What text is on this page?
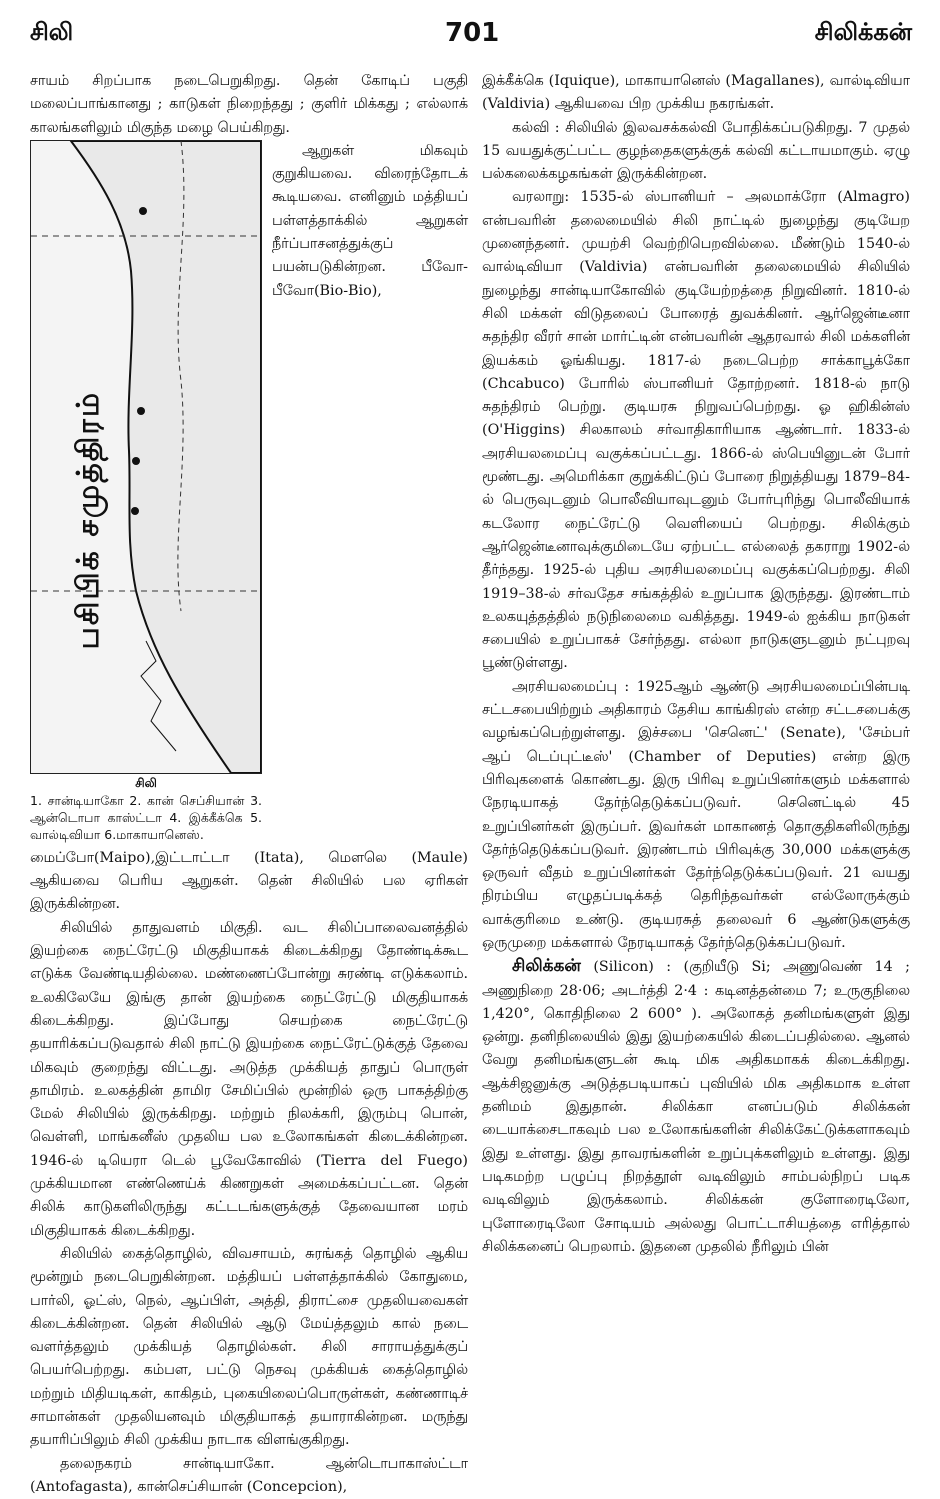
சிலி	701	சிலிக்கன்

சாயம் சிறப்பாக நடைபெறுகிறது. தென் கோடிப் பகுதி மலைப்பாங்கானது ; காடுகள் நிறைந்தது ; குளிர் மிக்கது ; எல்லாக் காலங்களிலும் மிகுந்த மழை பெய்கிறது.

பசிபிக் சமுத்திரம்
சிலி
1. சான்டியாகோ 2. கான் செப்சியான் 3. ஆன்டொபா காஸ்ட்டா 4. இக்கீக்கெ 5. வால்டிவியா 6.மாகாயானெஸ்.

ஆறுகள் மிகவும் குறுகியவை. விரைந்தோடக் கூடியவை. எனினும் மத்தியப் பள்ளத்தாக்கில் ஆறுகள் நீர்ப்பாசனத்துக்குப் பயன்படுகின்றன. பீவோ-பீவோ(Bio-Bio), மைப்போ(Maipo),இட்டாட்டா (Itata), மௌலெ (Maule) ஆகியவை பெரிய ஆறுகள். தென் சிலியில் பல ஏரிகள் இருக்கின்றன.

சிலியில் தாதுவளம் மிகுதி. வட சிலிப்பாலைவனத்தில் இயற்கை நைட்ரேட்டு மிகுதியாகக் கிடைக்கிறது தோண்டிக்கூட எடுக்க வேண்டியதில்லை. மண்ணைப்போன்று சுரண்டி எடுக்கலாம். உலகிலேயே இங்கு தான் இயற்கை நைட்ரேட்டு மிகுதியாகக் கிடைக்கிறது. இப்போது செயற்கை நைட்ரேட்டு தயாரிக்கப்படுவதால் சிலி நாட்டு இயற்கை நைட்ரேட்டுக்குத் தேவை மிகவும் குறைந்து விட்டது. அடுத்த முக்கியத் தாதுப் பொருள் தாமிரம். உலகத்தின் தாமிர சேமிப்பில் மூன்றில் ஒரு பாகத்திற்கு மேல் சிலியில் இருக்கிறது. மற்றும் நிலக்கரி, இரும்பு பொன், வெள்ளி, மாங்கனீஸ் முதலிய பல உலோகங்கள் கிடைக்கின்றன. 1946-ல் டியெரா டெல் பூவேகோவில் (Tierra del Fuego) முக்கியமான எண்ணெய்க் கிணறுகள் அமைக்கப்பட்டன. தென் சிலிக் காடுகளிலிருந்து கட்டடங்களுக்குத் தேவையான மரம் மிகுதியாகக் கிடைக்கிறது.

சிலியில் கைத்தொழில், விவசாயம், சுரங்கத் தொழில் ஆகிய மூன்றும் நடைபெறுகின்றன. மத்தியப் பள்ளத்தாக்கில் கோதுமை, பார்லி, ஓட்ஸ், நெல், ஆப்பிள், அத்தி, திராட்சை முதலியவைகள் கிடைக்கின்றன. தென் சிலியில் ஆடு மேய்த்தலும் கால் நடை வளர்த்தலும் முக்கியத் தொழில்கள். சிலி சாராயத்துக்குப் பெயர்பெற்றது. கம்பள, பட்டு நெசவு முக்கியக் கைத்தொழில் மற்றும் மிதியடிகள், காகிதம், புகையிலைப்பொருள்கள், கண்ணாடிச் சாமான்கள் முதலியனவும் மிகுதியாகத் தயாராகின்றன. மருந்து தயாரிப்பிலும் சிலி முக்கிய நாடாக விளங்குகிறது.

தலைநகரம் சான்டியாகோ. ஆன்டொபாகாஸ்ட்டா (Antofagasta), கான்செப்சியான் (Concepcion),

இக்கீக்கெ (Iquique), மாகாயானெஸ் (Magallanes), வால்டிவியா (Valdivia) ஆகியவை பிற முக்கிய நகரங்கள்.

கல்வி : சிலியில் இலவசக்கல்வி போதிக்கப்படுகிறது. 7 முதல் 15 வயதுக்குட்பட்ட குழந்தைகளுக்குக் கல்வி கட்டாயமாகும். ஏழு பல்கலைக்கழகங்கள் இருக்கின்றன.

வரலாறு: 1535-ல் ஸ்பானியர் – அலமாக்ரோ (Almagro) என்பவரின் தலைமையில் சிலி நாட்டில் நுழைந்து குடியேற முனைந்தனர். முயற்சி வெற்றிபெறவில்லை. மீண்டும் 1540-ல் வால்டிவியா (Valdivia) என்பவரின் தலைமையில் சிலியில் நுழைந்து சான்டியாகோவில் குடியேற்றத்தை நிறுவினர். 1810-ல் சிலி மக்கள் விடுதலைப் போரைத் துவக்கினர். ஆர்ஜென்டீனா சுதந்திர வீரர் சான் மார்ட்டின் என்பவரின் ஆதரவால் சிலி மக்களின் இயக்கம் ஓங்கியது. 1817-ல் நடைபெற்ற சாக்காபூக்கோ (Chcabuco) போரில் ஸ்பானியர் தோற்றனர். 1818-ல் நாடு சுதந்திரம் பெற்று. குடியரசு நிறுவப்பெற்றது. ஓ ஹிகின்ஸ் (O'Higgins) சிலகாலம் சர்வாதிகாரியாக ஆண்டார். 1833-ல் அரசியலமைப்பு வகுக்கப்பட்டது. 1866-ல் ஸ்பெயினுடன் போர் மூண்டது. அமெரிக்கா குறுக்கிட்டுப் போரை நிறுத்தியது 1879–84-ல் பெருவுடனும் பொலீவியாவுடனும் போர்புரிந்து பொலீவியாக் கடலோர நைட்ரேட்டு வெளியைப் பெற்றது. சிலிக்கும் ஆர்ஜென்டீனாவுக்குமிடையே ஏற்பட்ட எல்லைத் தகராறு 1902-ல் தீர்ந்தது. 1925-ல் புதிய அரசியலமைப்பு வகுக்கப்பெற்றது. சிலி 1919–38-ல் சர்வதேச சங்கத்தில் உறுப்பாக இருந்தது. இரண்டாம் உலகயுத்தத்தில் நடுநிலைமை வகித்தது. 1949-ல் ஐக்கிய நாடுகள் சபையில் உறுப்பாகச் சேர்ந்தது. எல்லா நாடுகளுடனும் நட்புறவு பூண்டுள்ளது.

அரசியலமைப்பு : 1925ஆம் ஆண்டு அரசியலமைப்பின்படி சட்டசபையிற்றும் அதிகாரம் தேசிய காங்கிரஸ் என்ற சட்டசபைக்கு வழங்கப்பெற்றுள்ளது. இச்சபை 'செனெட்' (Senate), 'சேம்பர் ஆப் டெப்புட்டீஸ்' (Chamber of Deputies) என்ற இரு பிரிவுகளைக் கொண்டது. இரு பிரிவு உறுப்பினர்களும் மக்களால் நேரடியாகத் தேர்ந்தெடுக்கப்படுவர். செனெட்டில் 45 உறுப்பினர்கள் இருப்பர். இவர்கள் மாகாணத் தொகுதிகளிலிருந்து தேர்ந்தெடுக்கப்படுவர். இரண்டாம் பிரிவுக்கு 30,000 மக்களுக்கு ஒருவர் வீதம் உறுப்பினர்கள் தேர்ந்தெடுக்கப்படுவர். 21 வயது நிரம்பிய எழுதப்படிக்கத் தெரிந்தவர்கள் எல்லோருக்கும் வாக்குரிமை உண்டு. குடியரசுத் தலைவர் 6 ஆண்டுகளுக்கு ஒருமுறை மக்களால் நேரடியாகத் தேர்ந்தெடுக்கப்படுவர்.

சிலிக்கன் (Silicon) : (குறியீடு Si; அணுவெண் 14 ; அணுநிறை 28·06; அடர்த்தி 2·4 : கடினத்தன்மை 7; உருகுநிலை 1,420°, கொதிநிலை 2 600° ). அலோகத் தனிமங்களுள் இது ஒன்று. தனிநிலையில் இது இயற்கையில் கிடைப்பதில்லை. ஆனல் வேறு தனிமங்களுடன் கூடி மிக அதிகமாகக் கிடைக்கிறது. ஆக்சிஜனுக்கு அடுத்தபடியாகப் புவியில் மிக அதிகமாக உள்ள தனிமம் இதுதான். சிலிக்கா எனப்படும் சிலிக்கன் டையாக்சைடாகவும் பல உலோகங்களின் சிலிக்கேட்டுக்களாகவும் இது உள்ளது. இது தாவரங்களின் உறுப்புக்களிலும் உள்ளது. இது படிகமற்ற பழுப்பு நிறத்தூள் வடிவிலும் சாம்பல்நிறப் படிக வடிவிலும் இருக்கலாம். சிலிக்கன் குளோரைடிலோ, புளோரைடிலோ சோடியம் அல்லது பொட்டாசியத்தை எரித்தால் சிலிக்கனைப் பெறலாம். இதனை முதலில் நீரிலும் பின்
